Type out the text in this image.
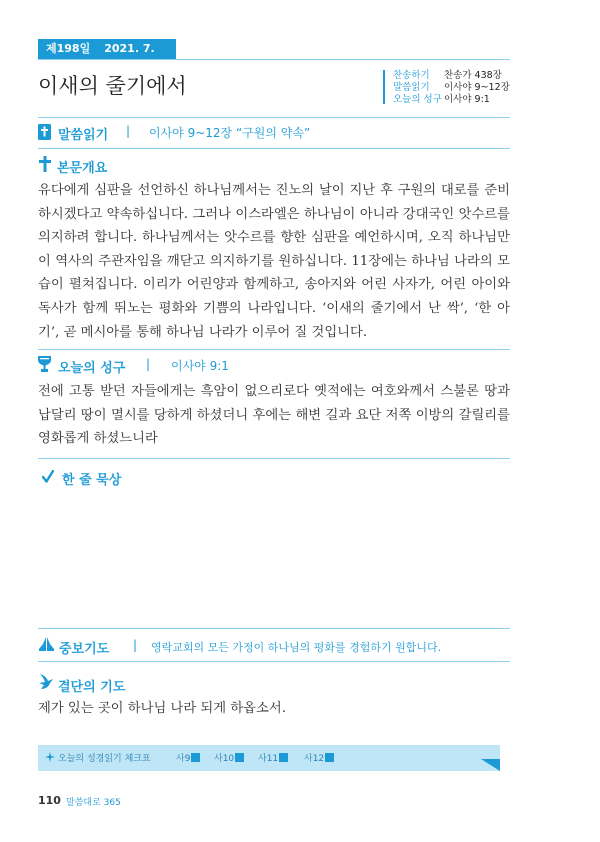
제198일 2021. 7. 17. 토
이새의 줄기에서	찬송하기 찬송가 438장
말씀읽기 이사야 9~12장
오늘의 성구 이사야 9:1
말씀읽기 | 이사야 9~12장 “구원의 약속”
본문개요
유다에게 심판을 선언하신 하나님께서는 진노의 날이 지난 후 구원의 대로를 준비하시겠다고 약속하십니다. 그러나 이스라엘은 하나님이 아니라 강대국인 앗수르를 의지하려 합니다. 하나님께서는 앗수르를 향한 심판을 예언하시며, 오직 하나님만이 역사의 주관자임을 깨닫고 의지하기를 원하십니다. 11장에는 하나님 나라의 모습이 펼쳐집니다. 이리가 어린양과 함께하고, 송아지와 어린 사자가, 어린 아이와 독사가 함께 뛰노는 평화와 기쁨의 나라입니다. ‘이새의 줄기에서 난 싹’, ‘한 아기’, 곧 메시아를 통해 하나님 나라가 이루어 질 것입니다.
오늘의 성구 | 이사야 9:1
전에 고통 받던 자들에게는 흑암이 없으리로다 옛적에는 여호와께서 스불론 땅과 납달리 땅이 멸시를 당하게 하셨더니 후에는 해변 길과 요단 저쪽 이방의 갈릴리를 영화롭게 하셨느니라
한 줄 묵상
중보기도 | 영락교회의 모든 가정이 하나님의 평화를 경험하기 원합니다.
결단의 기도
제가 있는 곳이 하나님 나라 되게 하옵소서.
오늘의 성경읽기 체크표	사9	사10	사11	사12
110 말씀대로 365
